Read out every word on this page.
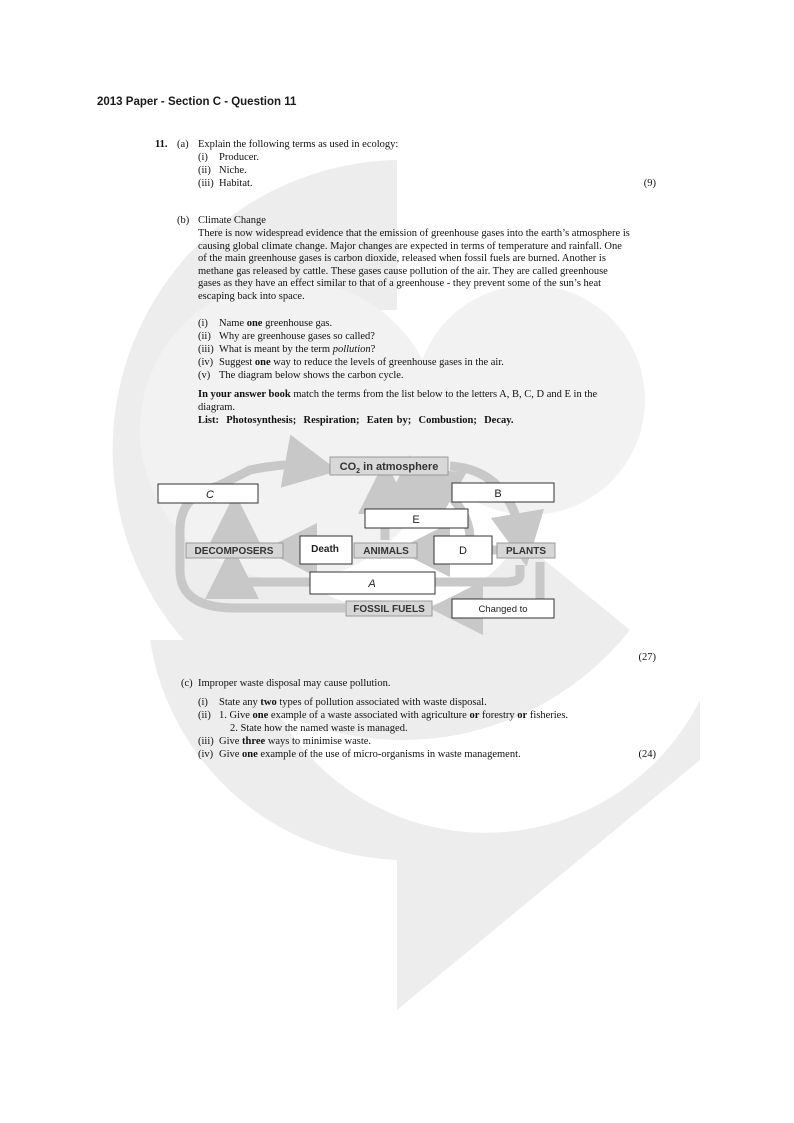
2013 Paper - Section C - Question 11
11. (a) Explain the following terms as used in ecology:
(i) Producer.
(ii) Niche.
(iii) Habitat.	(9)
(b) Climate Change
There is now widespread evidence that the emission of greenhouse gases into the earth’s atmosphere is
causing global climate change. Major changes are expected in terms of temperature and rainfall. One
of the main greenhouse gases is carbon dioxide, released when fossil fuels are burned. Another is
methane gas released by cattle. These gases cause pollution of the air. They are called greenhouse
gases as they have an effect similar to that of a greenhouse - they prevent some of the sun’s heat
escaping back into space.
(i) Name one greenhouse gas.
(ii) Why are greenhouse gases so called?
(iii) What is meant by the term pollution?
(iv) Suggest one way to reduce the levels of greenhouse gases in the air.
(v) The diagram below shows the carbon cycle.
In your answer book match the terms from the list below to the letters A, B, C, D and E in the
diagram.
List: Photosynthesis; Respiration; Eaten by; Combustion; Decay.
$CO_2$ in atmosphere
C	B
E
DECOMPOSERS	Death ANIMALS	D	PLANTS
A
FOSSIL FUELS	Changed to
(27)
(c) Improper waste disposal may cause pollution.
(i) State any two types of pollution associated with waste disposal.
(ii) 1. Give one example of a waste associated with agriculture or forestry or fisheries.
2. State how the named waste is managed.
(iii) Give three ways to minimise waste.
(iv) Give one example of the use of micro-organisms in waste management.	(24)
